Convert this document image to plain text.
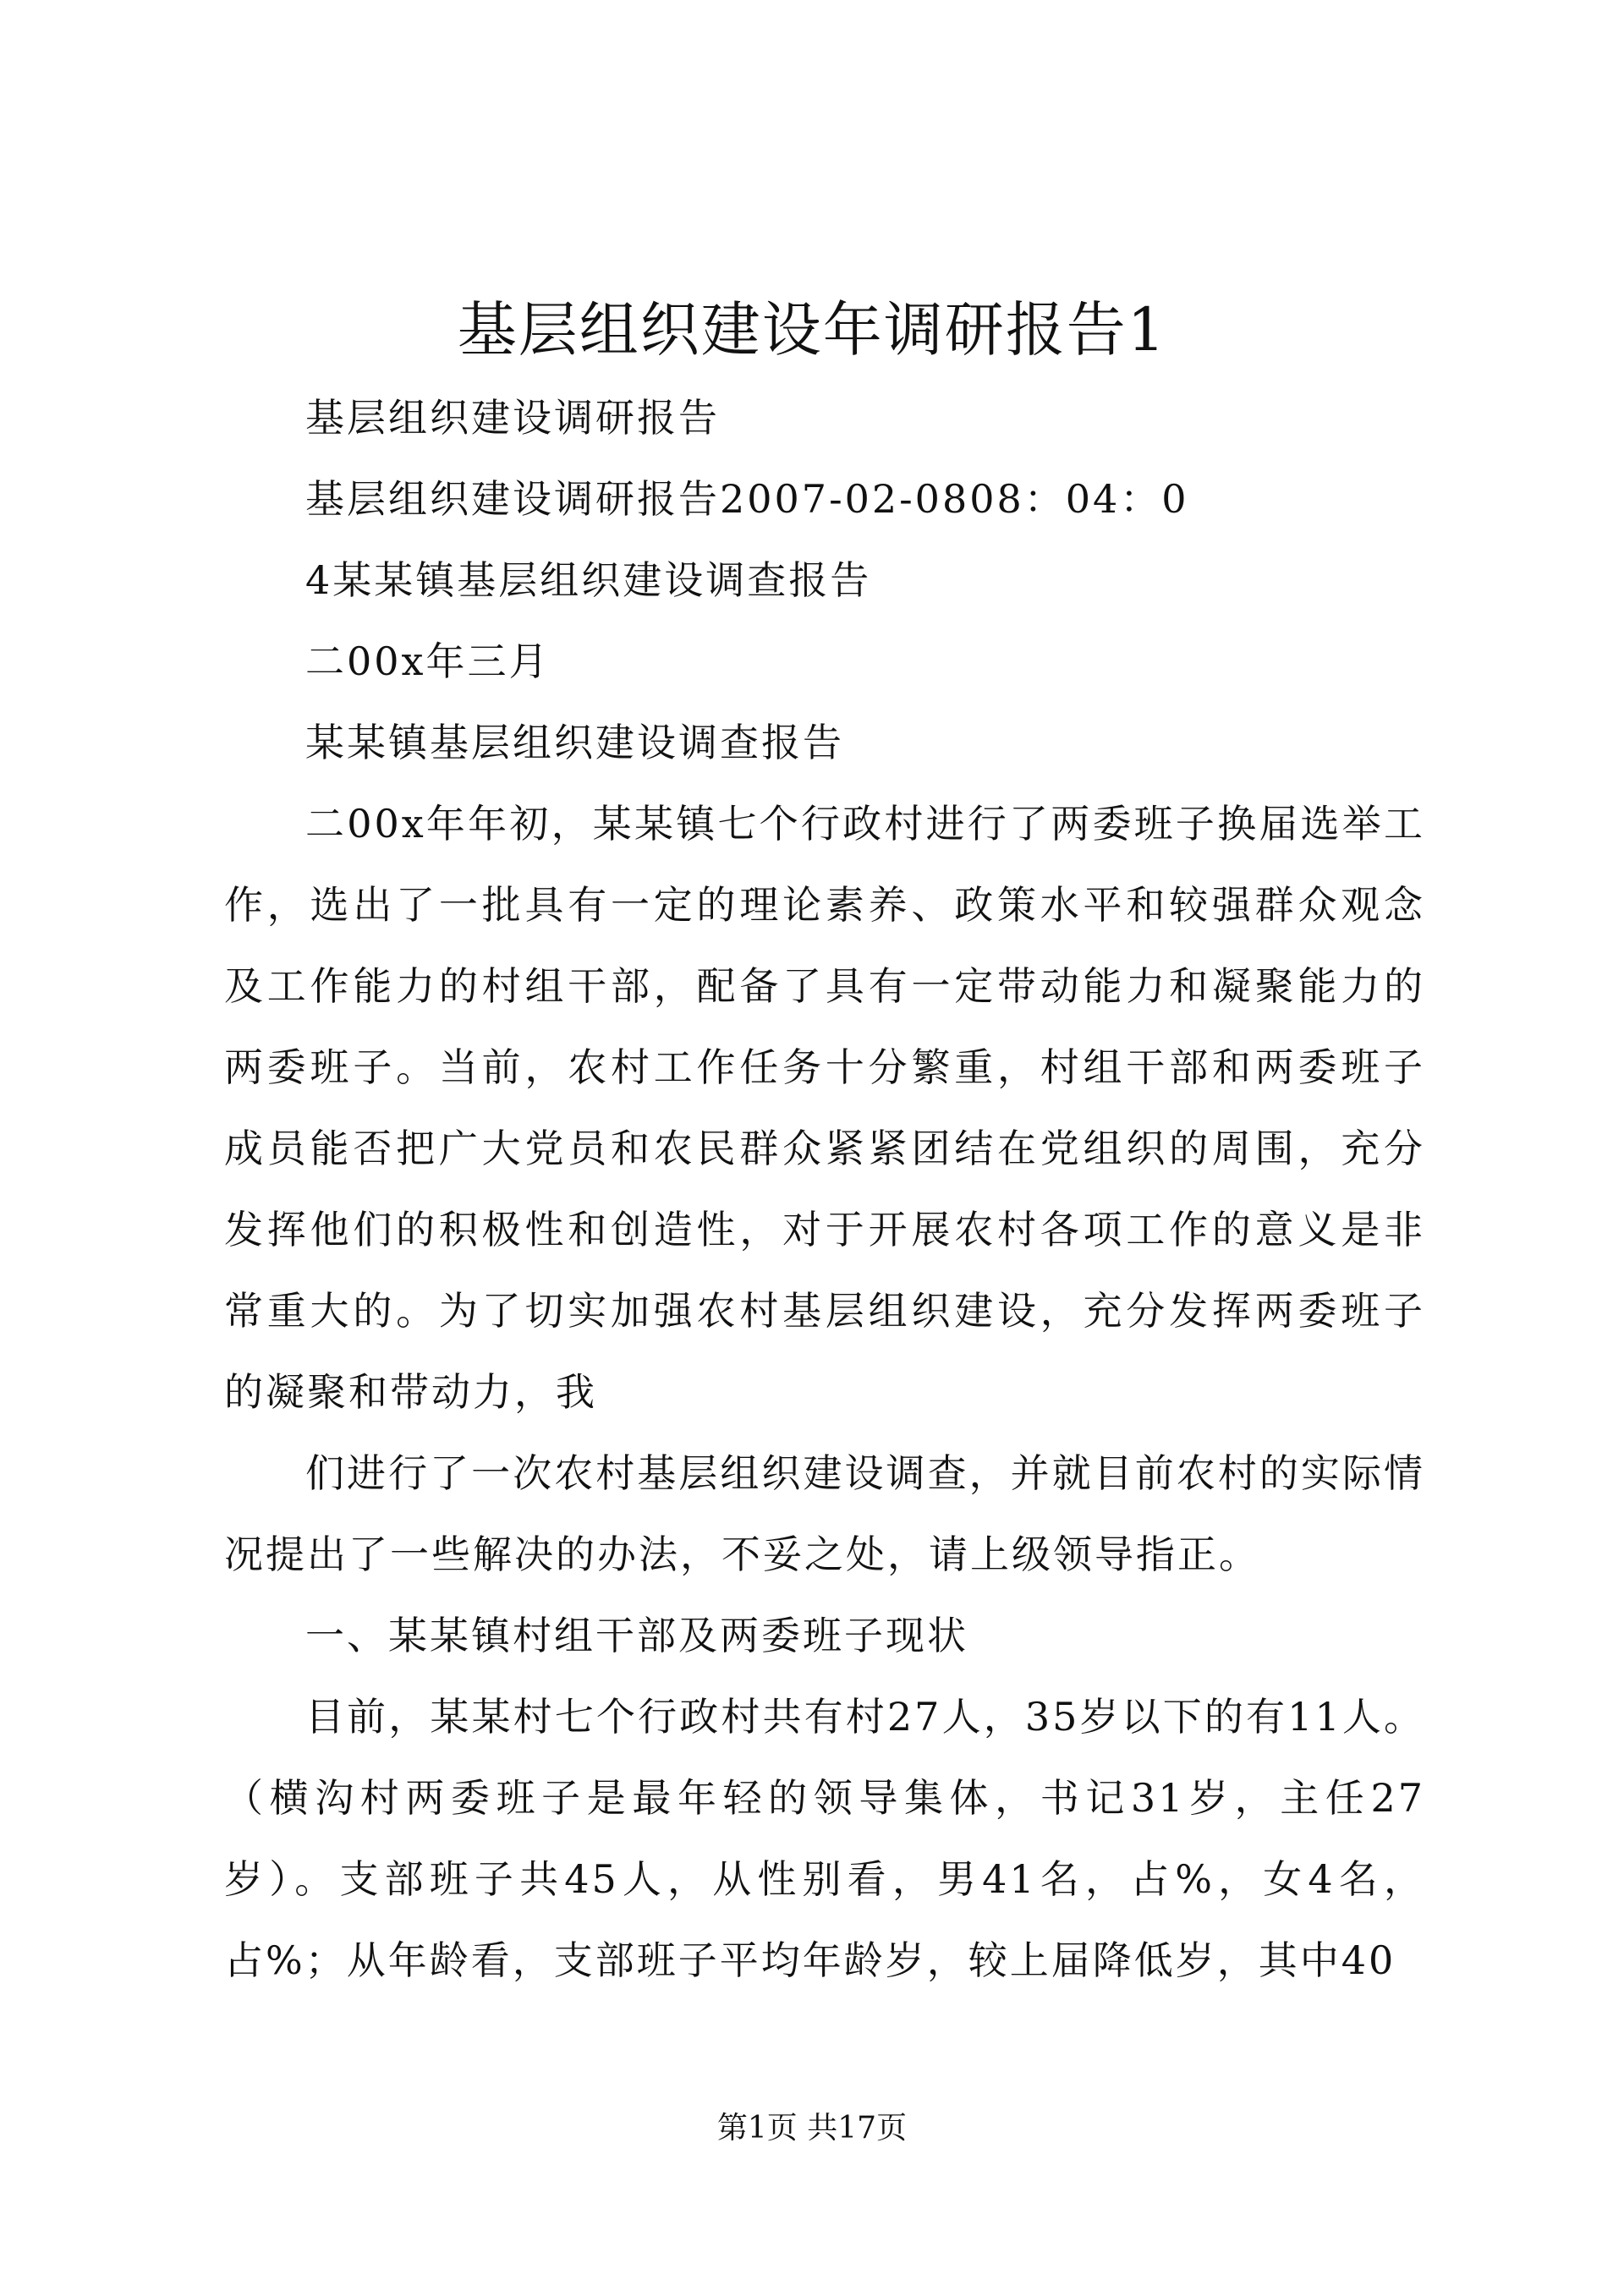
基层组织建设年调研报告1

基层组织建设调研报告

基层组织建设调研报告2007-02-0808：04：0

4某某镇基层组织建设调查报告

二00x年三月

某某镇基层组织建设调查报告

二00x年年初，某某镇七个行政村进行了两委班子换届选举工作，选出了一批具有一定的理论素养、政策水平和较强群众观念及工作能力的村组干部，配备了具有一定带动能力和凝聚能力的两委班子。当前，农村工作任务十分繁重，村组干部和两委班子成员能否把广大党员和农民群众紧紧团结在党组织的周围，充分发挥他们的积极性和创造性，对于开展农村各项工作的意义是非常重大的。为了切实加强农村基层组织建设，充分发挥两委班子的凝聚和带动力，我

们进行了一次农村基层组织建设调查，并就目前农村的实际情况提出了一些解决的办法，不妥之处，请上级领导指正。

一、某某镇村组干部及两委班子现状

目前，某某村七个行政村共有村27人，35岁以下的有11人。（横沟村两委班子是最年轻的领导集体，书记31岁，主任27岁）。支部班子共45人，从性别看，男41名，占%，女4名，占%；从年龄看，支部班子平均年龄岁，较上届降低岁，其中40

第1页 共17页
